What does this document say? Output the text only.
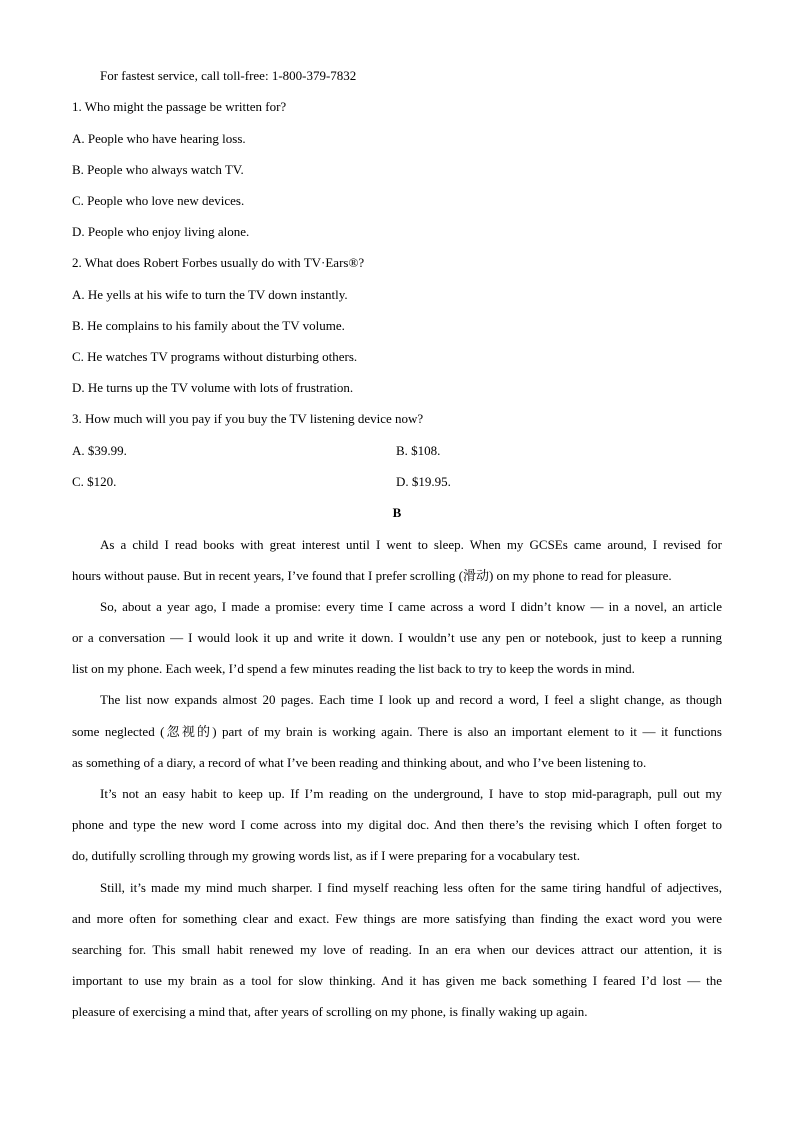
For fastest service, call toll-free: 1-800-379-7832
1. Who might the passage be written for?
A. People who have hearing loss.
B. People who always watch TV.
C. People who love new devices.
D. People who enjoy living alone.
2. What does Robert Forbes usually do with TV·Ears®?
A. He yells at his wife to turn the TV down instantly.
B. He complains to his family about the TV volume.
C. He watches TV programs without disturbing others.
D. He turns up the TV volume with lots of frustration.
3. How much will you pay if you buy the TV listening device now?
A. $39.99.	B. $108.
C. $120.	D. $19.95.
B
As a child I read books with great interest until I went to sleep. When my GCSEs came around, I revised for
hours without pause. But in recent years, I’ve found that I prefer scrolling (滑动) on my phone to read for pleasure.
So, about a year ago, I made a promise: every time I came across a word I didn’t know — in a novel, an article
or a conversation — I would look it up and write it down. I wouldn’t use any pen or notebook, just to keep a running
list on my phone. Each week, I’d spend a few minutes reading the list back to try to keep the words in mind.
The list now expands almost 20 pages. Each time I look up and record a word, I feel a slight change, as though
some neglected (忽视的) part of my brain is working again. There is also an important element to it — it functions
as something of a diary, a record of what I’ve been reading and thinking about, and who I’ve been listening to.
It’s not an easy habit to keep up. If I’m reading on the underground, I have to stop mid-paragraph, pull out my
phone and type the new word I come across into my digital doc. And then there’s the revising which I often forget to
do, dutifully scrolling through my growing words list, as if I were preparing for a vocabulary test.
Still, it’s made my mind much sharper. I find myself reaching less often for the same tiring handful of adjectives,
and more often for something clear and exact. Few things are more satisfying than finding the exact word you were
searching for. This small habit renewed my love of reading. In an era when our devices attract our attention, it is
important to use my brain as a tool for slow thinking. And it has given me back something I feared I’d lost — the
pleasure of exercising a mind that, after years of scrolling on my phone, is finally waking up again.
